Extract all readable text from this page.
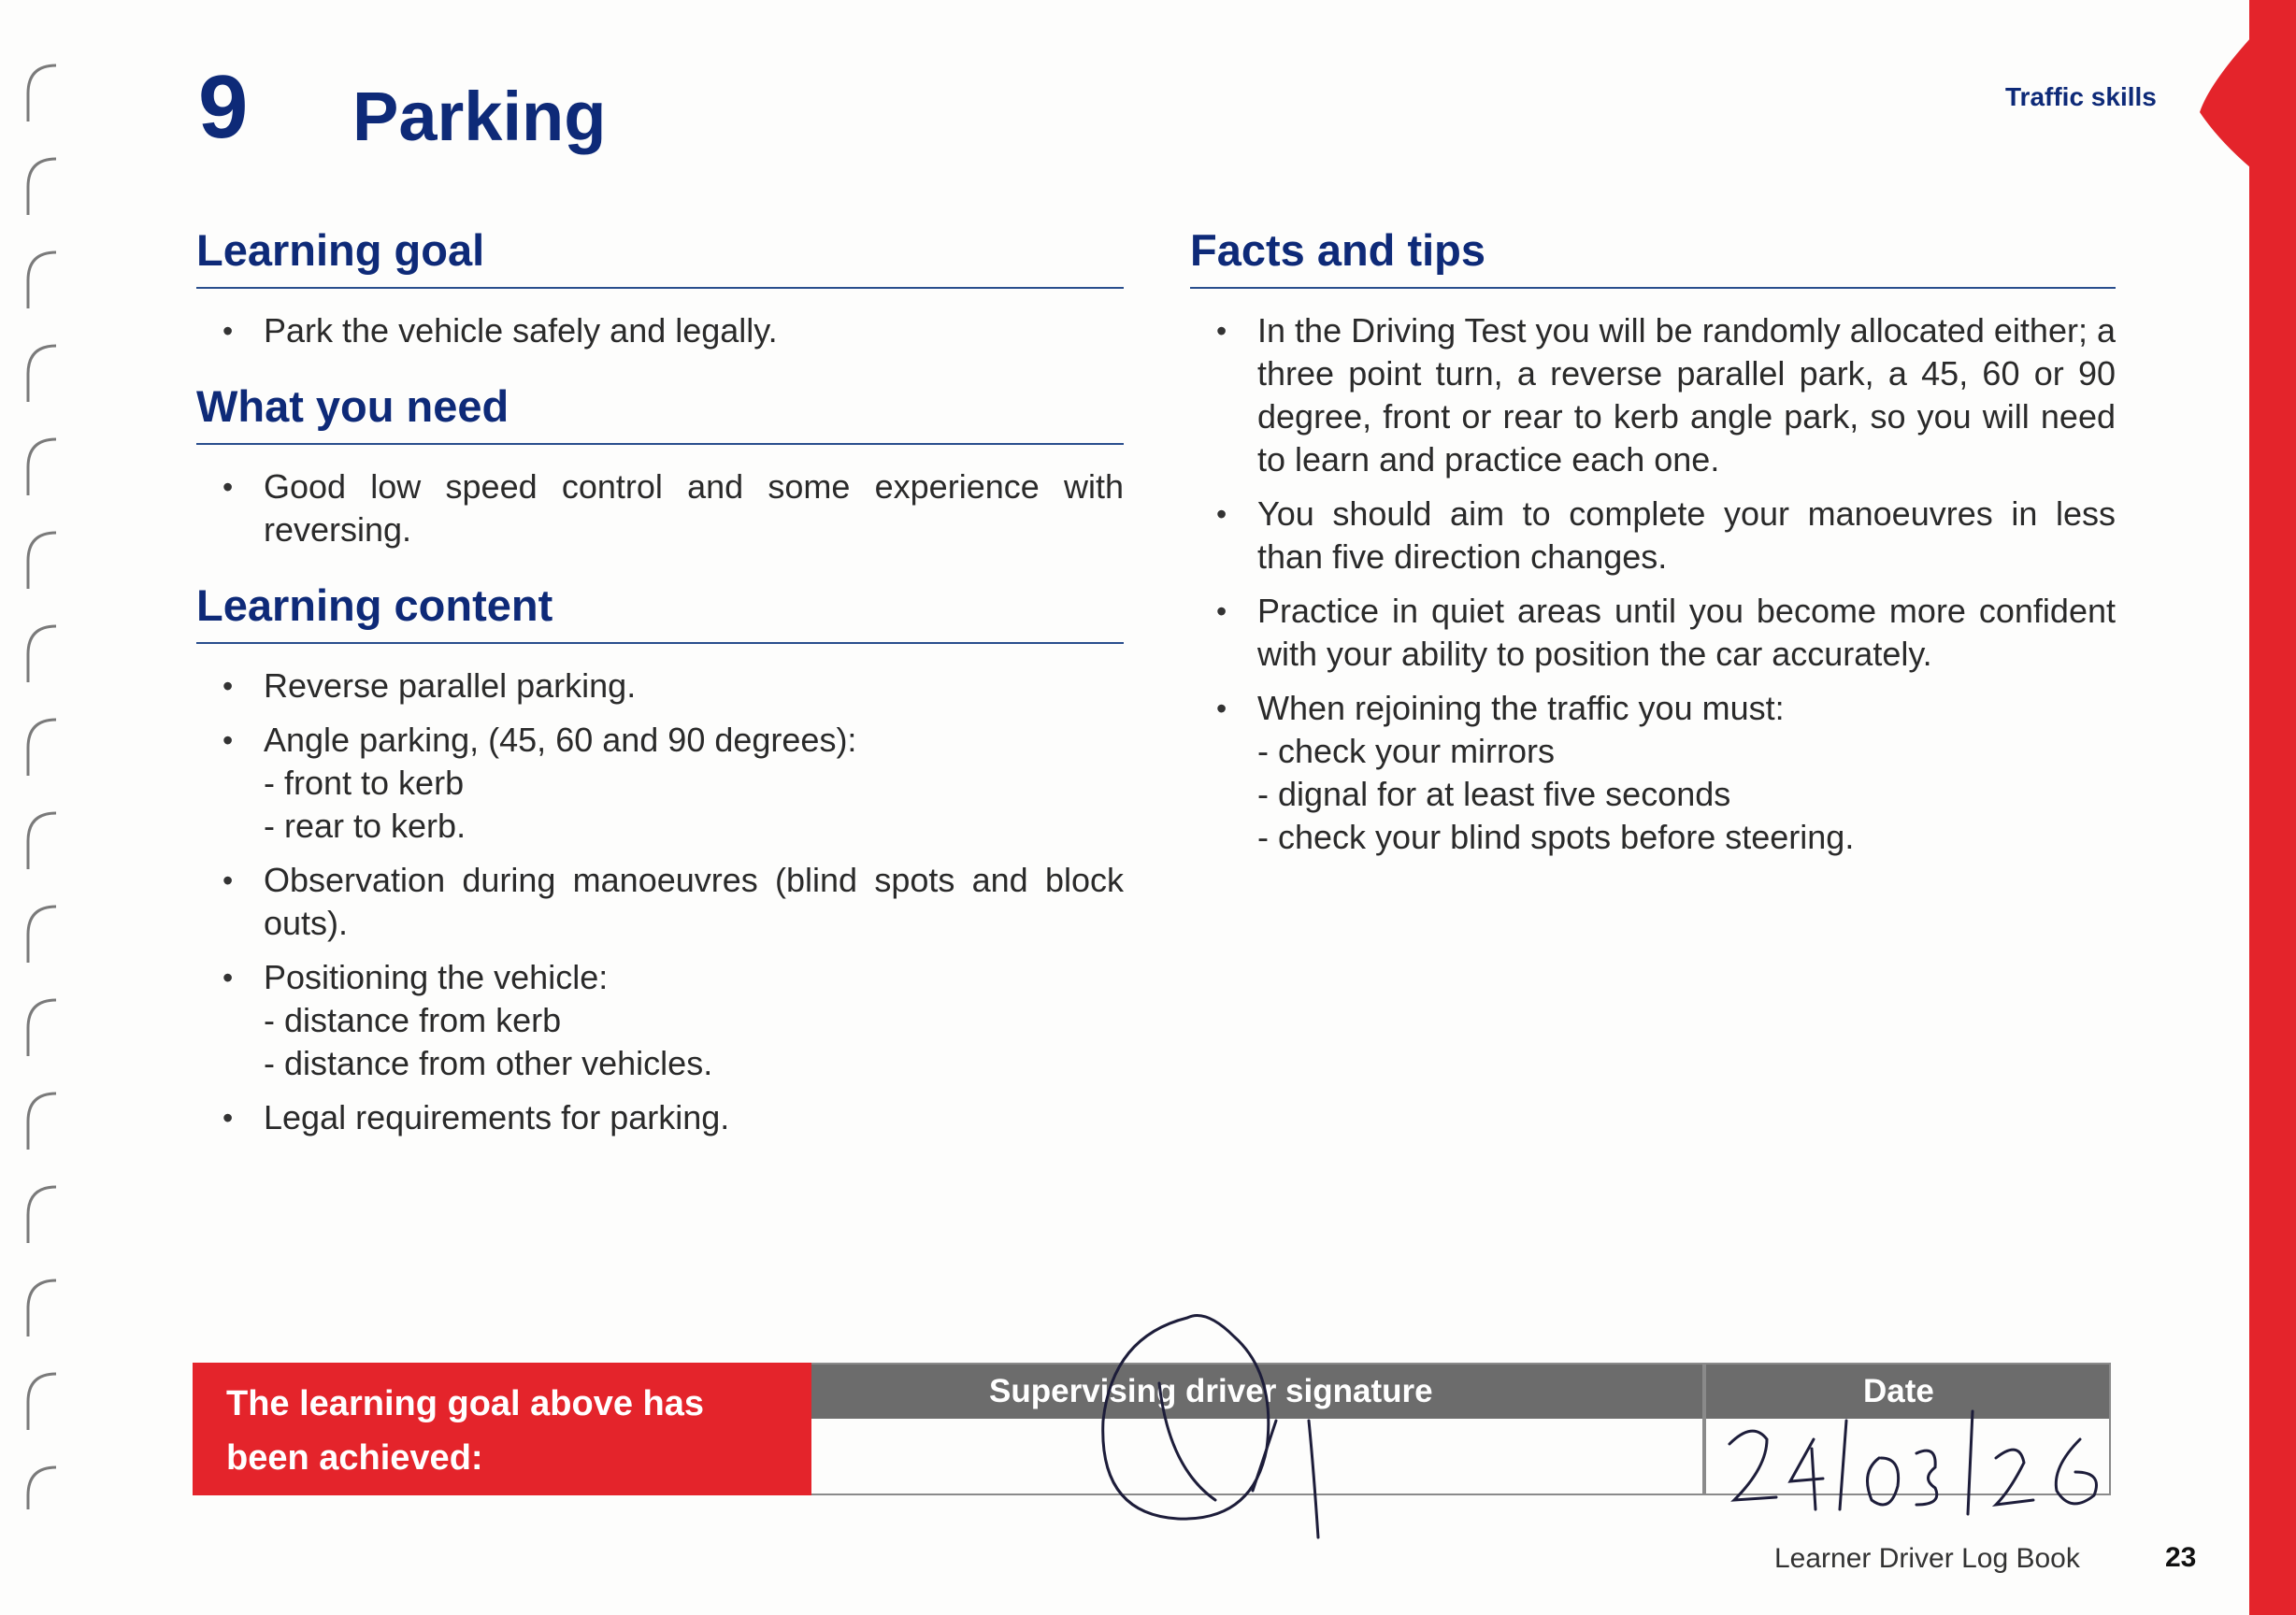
9 Parking	Traffic skills
Learning goal
• Park the vehicle safely and legally.
What you need
• Good low speed control and some experience with reversing.
Learning content
• Reverse parallel parking.
• Angle parking, (45, 60 and 90 degrees):
- front to kerb
- rear to kerb.
• Observation during manoeuvres (blind spots and block outs).
• Positioning the vehicle:
- distance from kerb
- distance from other vehicles.
• Legal requirements for parking.
Facts and tips
• In the Driving Test you will be randomly allocated either; a three point turn, a reverse parallel park, a 45, 60 or 90 degree, front or rear to kerb angle park, so you will need to learn and practice each one.
• You should aim to complete your manoeuvres in less than five direction changes.
• Practice in quiet areas until you become more confident with your ability to position the car accurately.
• When rejoining the traffic you must:
- check your mirrors
- dignal for at least five seconds
- check your blind spots before steering.
The learning goal above has
been achieved:
Supervising driver signature	Date
Learner Driver Log Book	23
